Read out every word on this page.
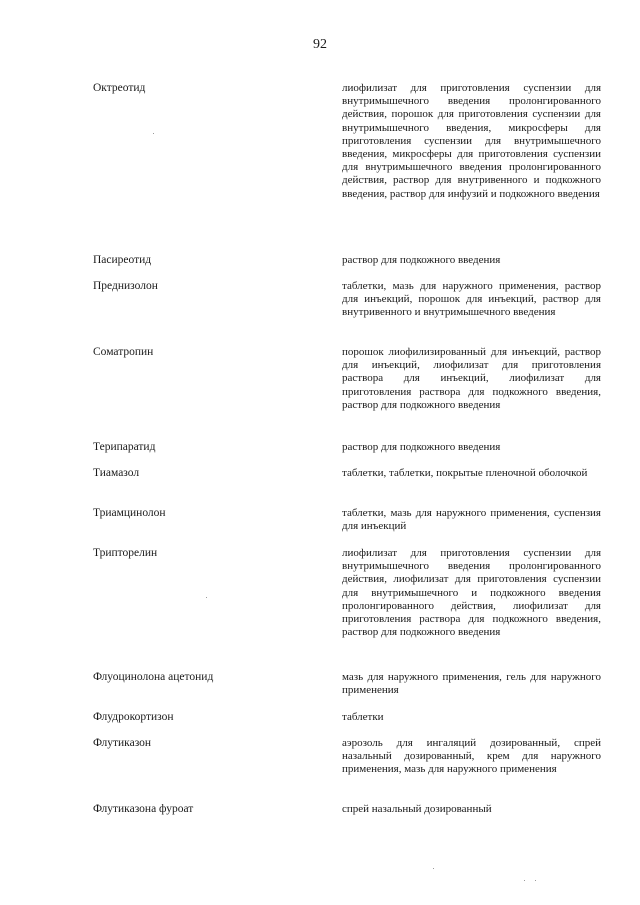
92
Октреотид	лиофилизат для приготовления суспензии для внутримышечного введения пролонгированного действия, порошок для приготовления суспензии для внутримышечного введения, микросферы для приготовления суспензии для внутримышечного введения, микросферы для приготовления суспензии для внутримышечного введения пролонгированного действия, раствор для внутривенного и подкожного введения, раствор для инфузий и подкожного введения
Пасиреотид	раствор для подкожного введения
Преднизолон	таблетки, мазь для наружного применения, раствор для инъекций, порошок для инъекций, раствор для внутривенного и внутримышечного введения
Соматропин	порошок лиофилизированный для инъекций, раствор для инъекций, лиофилизат для приготовления раствора для инъекций, лиофилизат для приготовления раствора для подкожного введения, раствор для подкожного введения
Терипаратид	раствор для подкожного введения
Тиамазол	таблетки, таблетки, покрытые пленочной оболочкой
Триамцинолон	таблетки, мазь для наружного применения, суспензия для инъекций
Трипторелин	лиофилизат для приготовления суспензии для внутримышечного введения пролонгированного действия, лиофилизат для приготовления суспензии для внутримышечного и подкожного введения пролонгированного действия, лиофилизат для приготовления раствора для подкожного введения, раствор для подкожного введения
Флуоцинолона ацетонид	мазь для наружного применения, гель для наружного применения
Флудрокортизон	таблетки
Флутиказон	аэрозоль для ингаляций дозированный, спрей назальный дозированный, крем для наружного применения, мазь для наружного применения
Флутиказона фуроат	спрей назальный дозированный
